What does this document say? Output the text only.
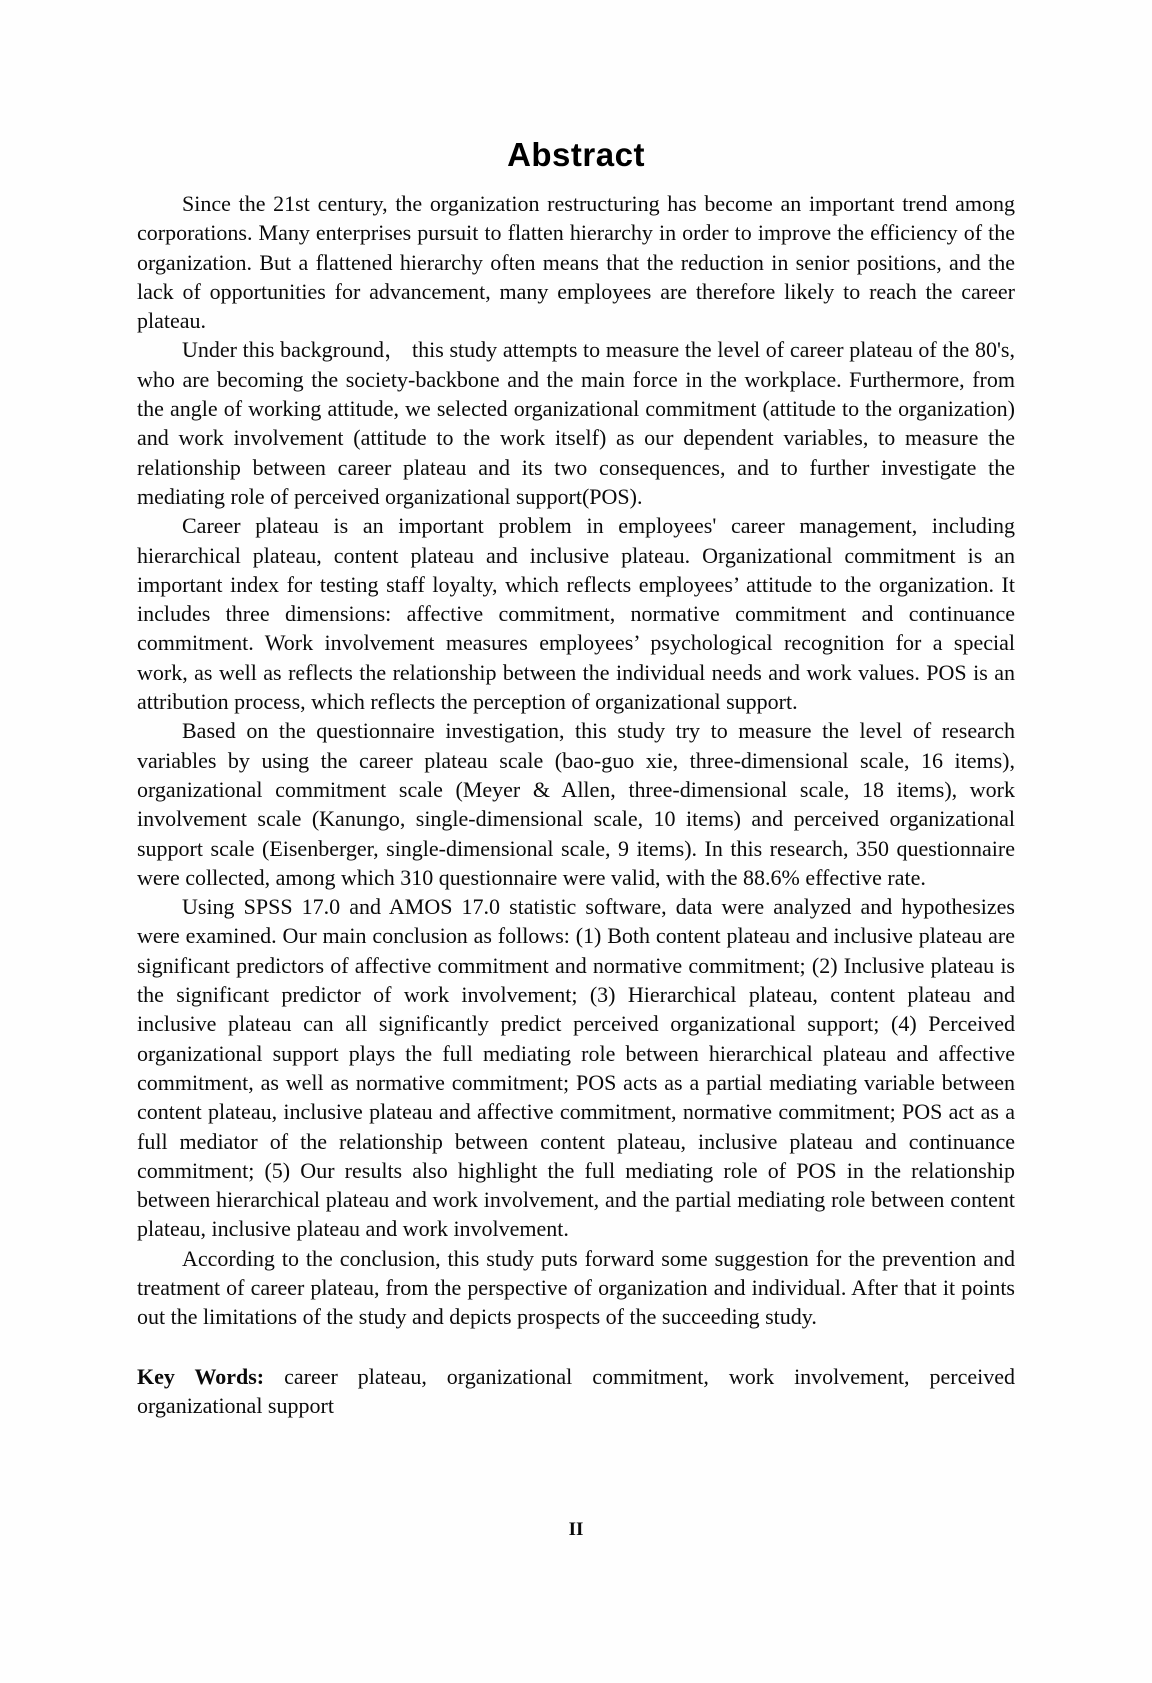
Abstract

Since the 21st century, the organization restructuring has become an important trend among corporations. Many enterprises pursuit to flatten hierarchy in order to improve the efficiency of the organization. But a flattened hierarchy often means that the reduction in senior positions, and the lack of opportunities for advancement, many employees are therefore likely to reach the career plateau.

Under this background， this study attempts to measure the level of career plateau of the 80's, who are becoming the society-backbone and the main force in the workplace. Furthermore, from the angle of working attitude, we selected organizational commitment (attitude to the organization) and work involvement (attitude to the work itself) as our dependent variables, to measure the relationship between career plateau and its two consequences, and to further investigate the mediating role of perceived organizational support(POS).

Career plateau is an important problem in employees' career management, including hierarchical plateau, content plateau and inclusive plateau. Organizational commitment is an important index for testing staff loyalty, which reflects employees’ attitude to the organization. It includes three dimensions: affective commitment, normative commitment and continuance commitment. Work involvement measures employees’ psychological recognition for a special work, as well as reflects the relationship between the individual needs and work values. POS is an attribution process, which reflects the perception of organizational support.

Based on the questionnaire investigation, this study try to measure the level of research variables by using the career plateau scale (bao-guo xie, three-dimensional scale, 16 items), organizational commitment scale (Meyer & Allen, three-dimensional scale, 18 items), work involvement scale (Kanungo, single-dimensional scale, 10 items) and perceived organizational support scale (Eisenberger, single-dimensional scale, 9 items). In this research, 350 questionnaire were collected, among which 310 questionnaire were valid, with the 88.6% effective rate.

Using SPSS 17.0 and AMOS 17.0 statistic software, data were analyzed and hypothesizes were examined. Our main conclusion as follows: (1) Both content plateau and inclusive plateau are significant predictors of affective commitment and normative commitment; (2) Inclusive plateau is the significant predictor of work involvement; (3) Hierarchical plateau, content plateau and inclusive plateau can all significantly predict perceived organizational support; (4) Perceived organizational support plays the full mediating role between hierarchical plateau and affective commitment, as well as normative commitment; POS acts as a partial mediating variable between content plateau, inclusive plateau and affective commitment, normative commitment; POS act as a full mediator of the relationship between content plateau, inclusive plateau and continuance commitment; (5) Our results also highlight the full mediating role of POS in the relationship between hierarchical plateau and work involvement, and the partial mediating role between content plateau, inclusive plateau and work involvement.

According to the conclusion, this study puts forward some suggestion for the prevention and treatment of career plateau, from the perspective of organization and individual. After that it points out the limitations of the study and depicts prospects of the succeeding study.

Key Words: career plateau, organizational commitment, work involvement, perceived organizational support

II
